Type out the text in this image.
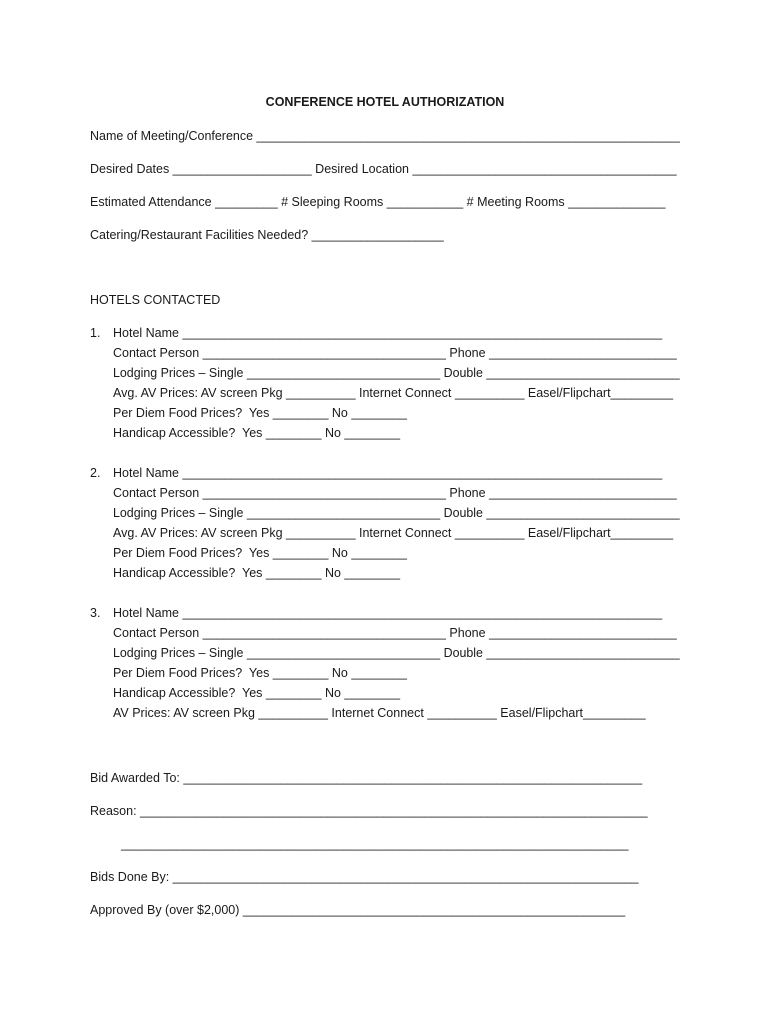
CONFERENCE HOTEL AUTHORIZATION
Name of Meeting/Conference _____________________________________________________________
Desired Dates ____________________ Desired Location ______________________________________
Estimated Attendance _________ # Sleeping Rooms ___________ # Meeting Rooms ______________
Catering/Restaurant Facilities Needed? ___________________
HOTELS CONTACTED
1. Hotel Name _____________________________________________________________________
Contact Person ___________________________________ Phone ___________________________
Lodging Prices – Single ____________________________ Double ____________________________
Avg. AV Prices: AV screen Pkg __________ Internet Connect __________ Easel/Flipchart_________
Per Diem Food Prices?  Yes ________ No ________
Handicap Accessible?  Yes ________ No ________
2. Hotel Name _____________________________________________________________________
Contact Person ___________________________________ Phone ___________________________
Lodging Prices – Single ____________________________ Double ____________________________
Avg. AV Prices: AV screen Pkg __________ Internet Connect __________ Easel/Flipchart_________
Per Diem Food Prices?  Yes ________ No ________
Handicap Accessible?  Yes ________ No ________
3. Hotel Name _____________________________________________________________________
Contact Person ___________________________________ Phone ___________________________
Lodging Prices – Single ____________________________ Double ____________________________
Per Diem Food Prices?  Yes ________ No ________
Handicap Accessible?  Yes ________ No ________
AV Prices: AV screen Pkg __________ Internet Connect __________ Easel/Flipchart_________
Bid Awarded To: __________________________________________________________________
Reason: _________________________________________________________________________
_________________________________________________________________________
Bids Done By: ___________________________________________________________________
Approved By (over $2,000) _______________________________________________________
